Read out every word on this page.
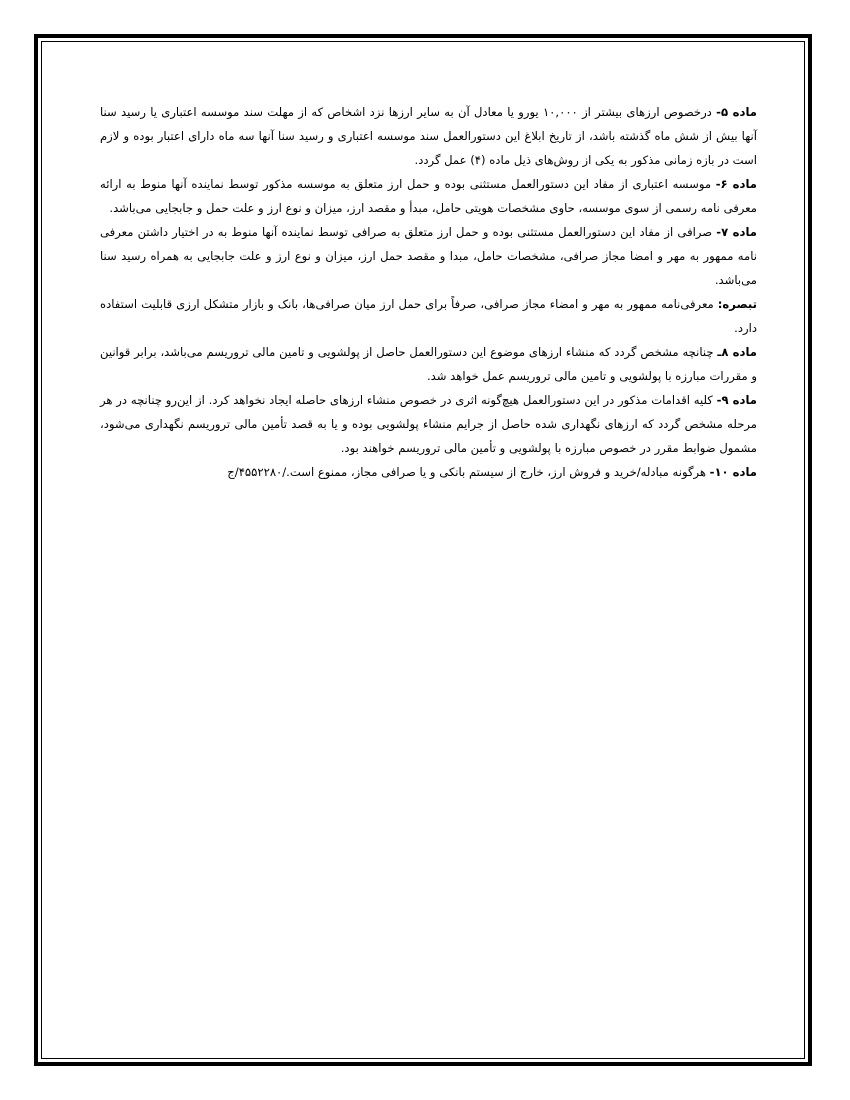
ماده ۵- درخصوص ارزهای بیشتر از ۱۰,۰۰۰ یورو یا معادل آن به سایر ارزها نزد اشخاص که از مهلت سند موسسه اعتباری یا رسید سنا آنها بیش از شش ماه گذشته باشد، از تاریخ ابلاغ این دستورالعمل سند موسسه اعتباری و رسید سنا آنها سه ماه دارای اعتبار بوده و لازم است در بازه زمانی مذکور به یکی از روش‌های ذیل ماده (۴) عمل گردد.

ماده ۶- موسسه اعتباری از مفاد این دستورالعمل مستثنی بوده و حمل ارز متعلق به موسسه مذکور توسط نماینده آنها منوط به ارائه معرفی نامه رسمی از سوی موسسه، حاوی مشخصات هویتی حامل، مبدأ و مقصد ارز، میزان و نوع ارز و علت حمل و جابجایی می‌باشد.

ماده ۷- صرافی از مفاد این دستورالعمل مستثنی بوده و حمل ارز متعلق به صرافی توسط نماینده آنها منوط به در اختیار داشتن معرفی نامه ممهور به مهر و امضا مجاز صرافی، مشخصات حامل، مبدا و مقصد حمل ارز، میزان و نوع ارز و علت جابجایی به همراه رسید سنا می‌باشد.

تبصره: معرفی‌نامه ممهور به مهر و امضاء مجاز صرافی، صرفاً برای حمل ارز میان صرافی‌ها، بانک و بازار متشکل ارزی قابلیت استفاده دارد.

ماده ۸ـ چنانچه مشخص گردد که منشاء ارزهای موضوع این دستورالعمل حاصل از پولشویی و تامین مالی تروریسم می‌باشد، برابر قوانین و مقررات مبارزه با پولشویی و تامین مالی تروریسم عمل خواهد شد.

ماده ۹- کلیه اقدامات مذکور در این دستورالعمل هیچ‌گونه اثری در خصوص منشاء ارزهای حاصله ایجاد نخواهد کرد. از این‌رو چنانچه در هر مرحله مشخص گردد که ارزهای نگهداری شده حاصل از جرایم منشاء پولشویی بوده و یا به قصد تأمین مالی تروریسم نگهداری می‌شود، مشمول ضوابط مقرر در خصوص مبارزه با پولشویی و تأمین مالی تروریسم خواهند بود.

ماده ۱۰- هرگونه مبادله/خرید و فروش ارز، خارج از سیستم بانکی و یا صرافی مجاز، ممنوع است./۴۵۵۲۲۸۰/ج
